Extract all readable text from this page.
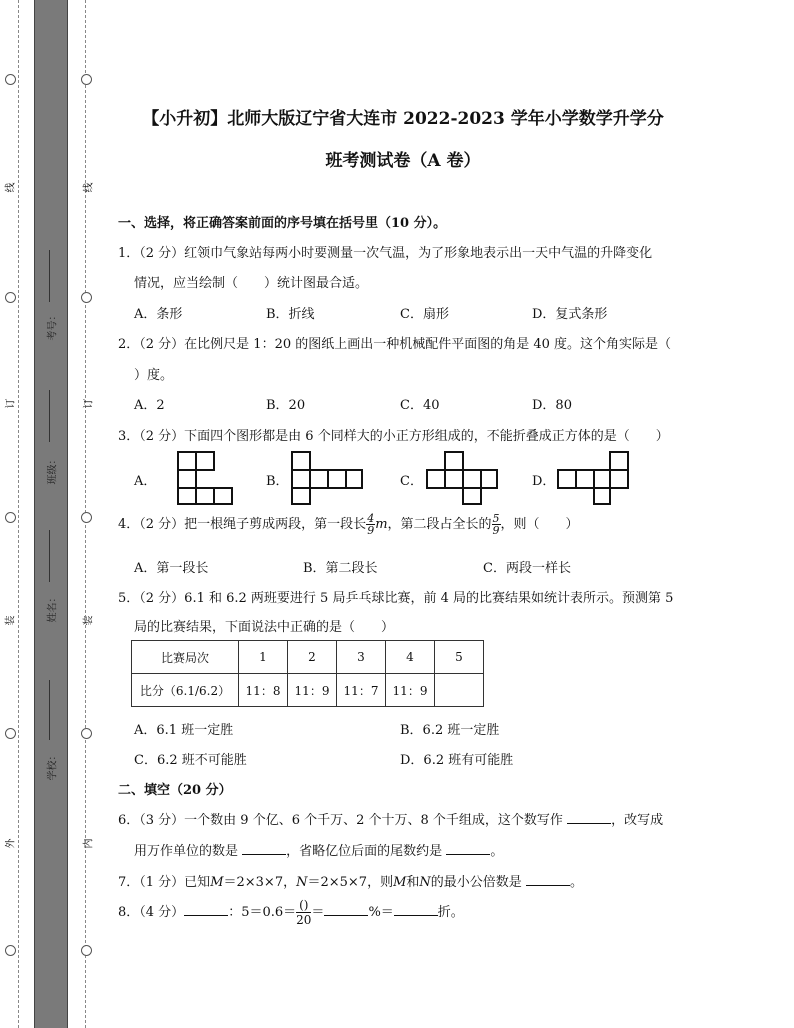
线
订
装
外
线
订
装
内
考号：
班级：
姓名：
学校：
【小升初】北师大版辽宁省大连市 2022-2023 学年小学数学升学分
班考测试卷（A 卷）
一、选择，将正确答案前面的序号填在括号里（10 分）。
1．（2 分）红领巾气象站每两小时要测量一次气温，为了形象地表示出一天中气温的升降变化
情况，应当绘制（　　）统计图最合适。
A．条形	B．折线	C．扇形	D．复式条形
2．（2 分）在比例尺是 1：20 的图纸上画出一种机械配件平面图的角是 40 度。这个角实际是（
）度。
A．2	B．20	C．40	D．80
3．（2 分）下面四个图形都是由 6 个同样大的小正方形组成的，不能折叠成正方体的是（　　）
A．	B．	C．	D．
4．（2 分）把一根绳子剪成两段，第一段长 $\frac{4}{9}$ m，第二段占全长的 $\frac{5}{9}$ ，则（　　）
A．第一段长	B．第二段长	C．两段一样长
5．（2 分）6.1 和 6.2 两班要进行 5 局乒乓球比赛，前 4 局的比赛结果如统计表所示。预测第 5
局的比赛结果，下面说法中正确的是（　　）
比赛局次	1	2	3	4	5
比分（6.1/6.2）	11：8	11：9	11：7	11：9	
A．6.1 班一定胜	B．6.2 班一定胜
C．6.2 班不可能胜	D．6.2 班有可能胜
二、填空（20 分）
6．（3 分）一个数由 9 个亿、6 个千万、2 个十万、8 个千组成，这个数写作	，改写成
用万作单位的数是	，省略亿位后面的尾数约是	。
7．（1 分）已知M＝2×3×7，N＝2×5×7，则M和N的最小公倍数是	。
8．（4 分）	：$5=0.6= \frac{()}{20}$ ＝	%＝	折。
